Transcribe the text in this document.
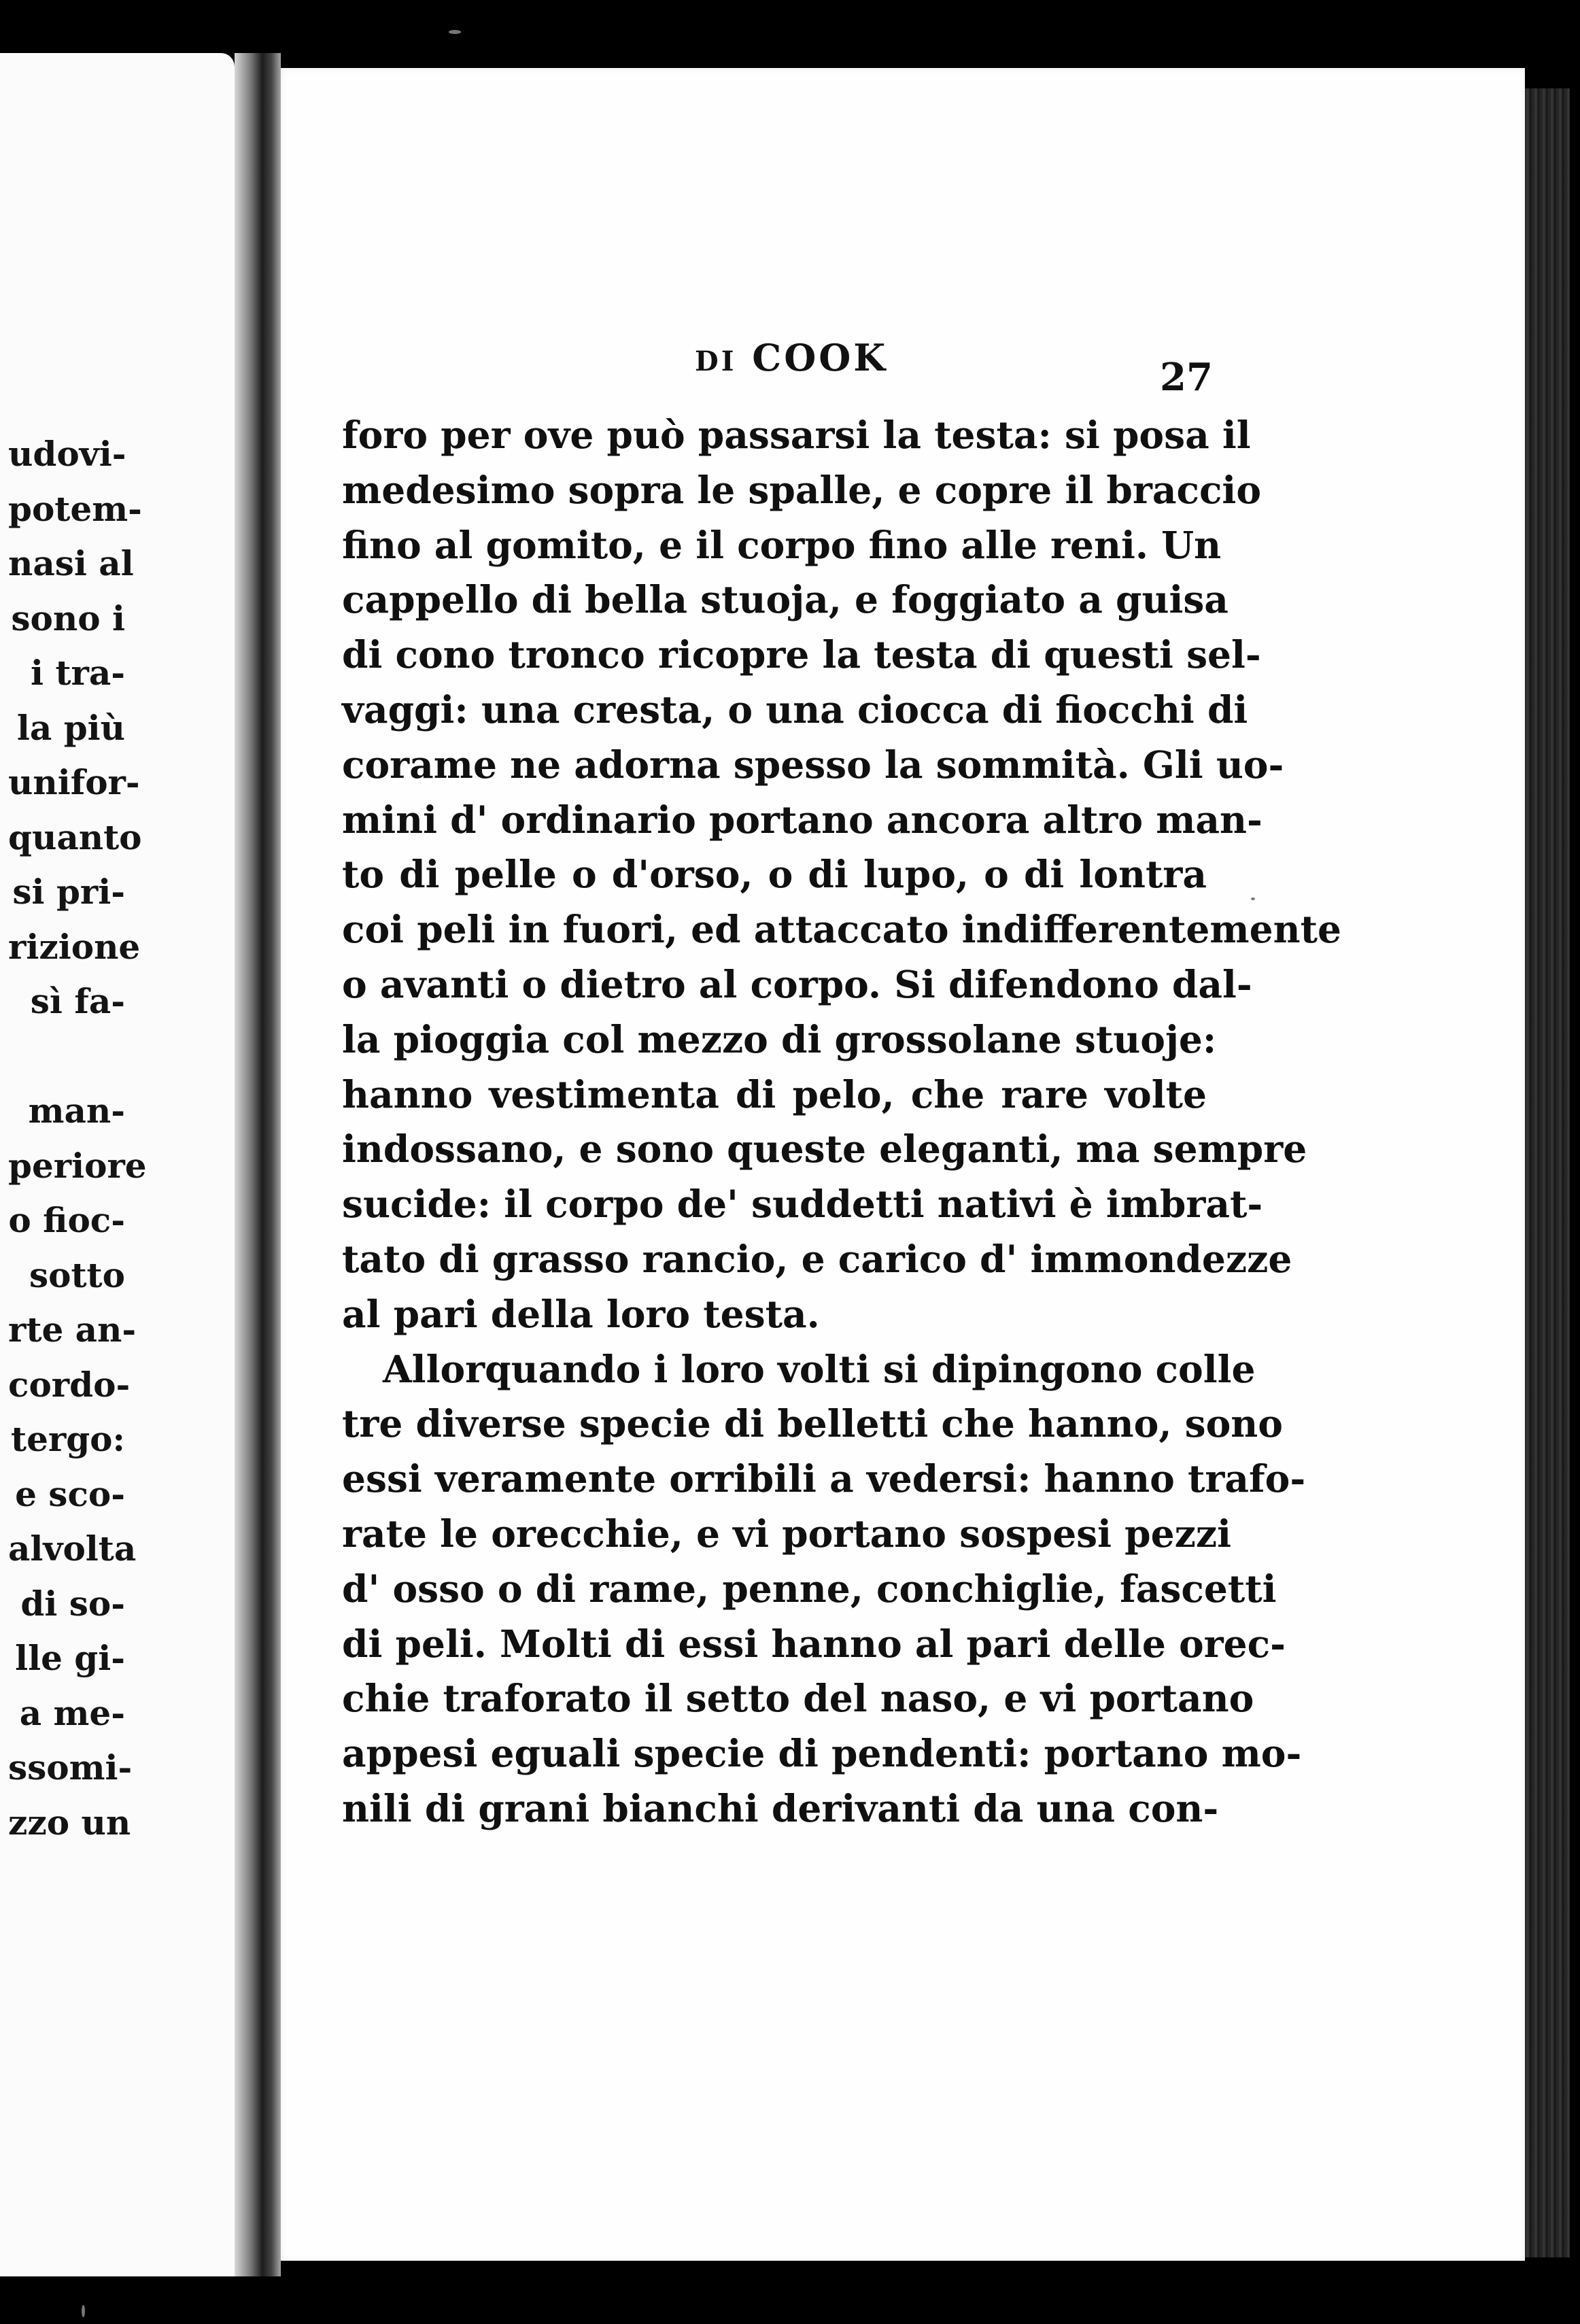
udovi-
potem-
nasi al
sono i
i tra-
la più
unifor-
quanto
si pri-
rizione
sì fa-
man-
periore
o fioc-
sotto
rte an-
cordo-
tergo:
e sco-
alvolta
di so-
lle gi-
a me-
ssomi-
zzo un
DI COOK	27
foro per ove può passarsi la testa: si posa il
medesimo sopra le spalle, e copre il braccio
fino al gomito, e il corpo fino alle reni. Un
cappello di bella stuoja, e foggiato a guisa
di cono tronco ricopre la testa di questi sel-
vaggi: una cresta, o una ciocca di fiocchi di
corame ne adorna spesso la sommità. Gli uo-
mini d' ordinario portano ancora altro man-
to di pelle o d'orso, o di lupo, o di lontra
coi peli in fuori, ed attaccato indifferentemente
o avanti o dietro al corpo. Si difendono dal-
la pioggia col mezzo di grossolane stuoje:
hanno vestimenta di pelo, che rare volte
indossano, e sono queste eleganti, ma sempre
sucide: il corpo de' suddetti nativi è imbrat-
tato di grasso rancio, e carico d' immondezze
al pari della loro testa.
Allorquando i loro volti si dipingono colle
tre diverse specie di belletti che hanno, sono
essi veramente orribili a vedersi: hanno trafo-
rate le orecchie, e vi portano sospesi pezzi
d' osso o di rame, penne, conchiglie, fascetti
di peli. Molti di essi hanno al pari delle orec-
chie traforato il setto del naso, e vi portano
appesi eguali specie di pendenti: portano mo-
nili di grani bianchi derivanti da una con-
